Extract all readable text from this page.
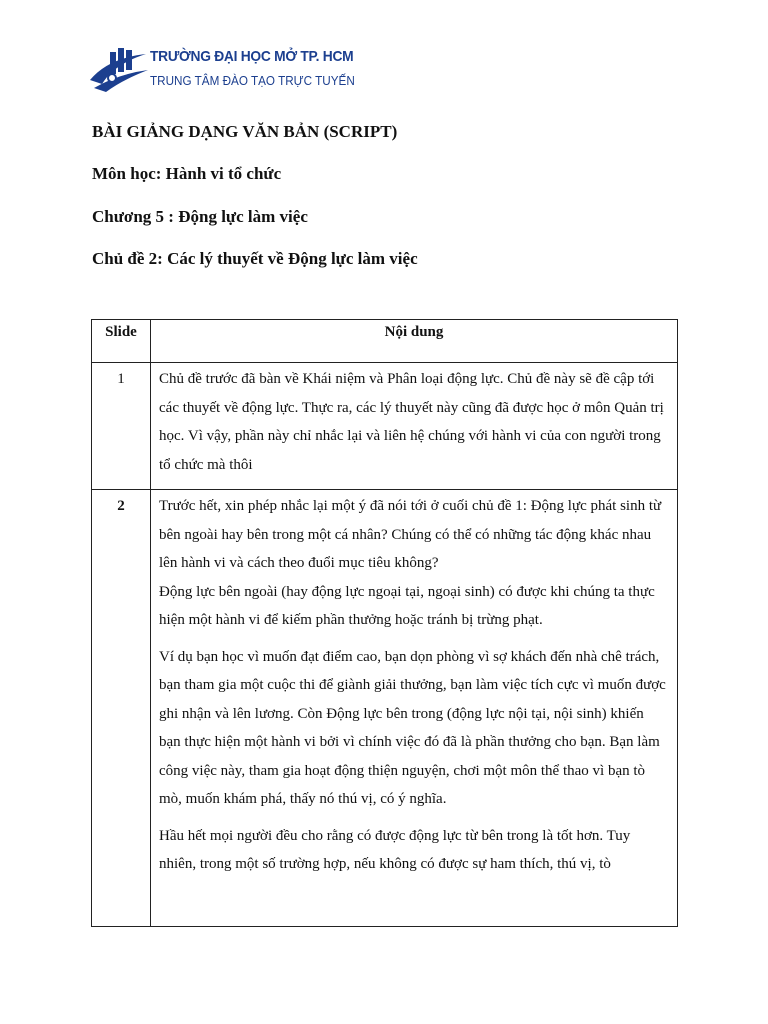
TRƯỜNG ĐẠI HỌC MỞ TP. HCM
TRUNG TÂM ĐÀO TẠO TRỰC TUYẾN
BÀI GIẢNG DẠNG VĂN BẢN (SCRIPT)
Môn học: Hành vi tổ chức
Chương 5 : Động lực làm việc
Chủ đề 2: Các lý thuyết về Động lực làm việc
Slide	Nội dung
1	Chủ đề trước đã bàn về Khái niệm và Phân loại động lực. Chủ đề này sẽ đề cập tới các thuyết về động lực. Thực ra, các lý thuyết này cũng đã được học ở môn Quản trị học. Vì vậy, phần này chỉ nhắc lại và liên hệ chúng với hành vi của con người trong tổ chức mà thôi

2	Trước hết, xin phép nhắc lại một ý đã nói tới ở cuối chủ đề 1: Động lực phát sinh từ bên ngoài hay bên trong một cá nhân? Chúng có thể có những tác động khác nhau lên hành vi và cách theo đuổi mục tiêu không?

Động lực bên ngoài (hay động lực ngoại tại, ngoại sinh) có được khi chúng ta thực hiện một hành vi để kiếm phần thưởng hoặc tránh bị trừng phạt.

Ví dụ bạn học vì muốn đạt điểm cao, bạn dọn phòng vì sợ khách đến nhà chê trách, bạn tham gia một cuộc thi để giành giải thưởng, bạn làm việc tích cực vì muốn được ghi nhận và lên lương. Còn Động lực bên trong (động lực nội tại, nội sinh) khiến bạn thực hiện một hành vi bởi vì chính việc đó đã là phần thưởng cho bạn. Bạn làm công việc này, tham gia hoạt động thiện nguyện, chơi một môn thể thao vì bạn tò mò, muốn khám phá, thấy nó thú vị, có ý nghĩa.

Hầu hết mọi người đều cho rằng có được động lực từ bên trong là tốt hơn. Tuy nhiên, trong một số trường hợp, nếu không có được sự ham thích, thú vị, tò
